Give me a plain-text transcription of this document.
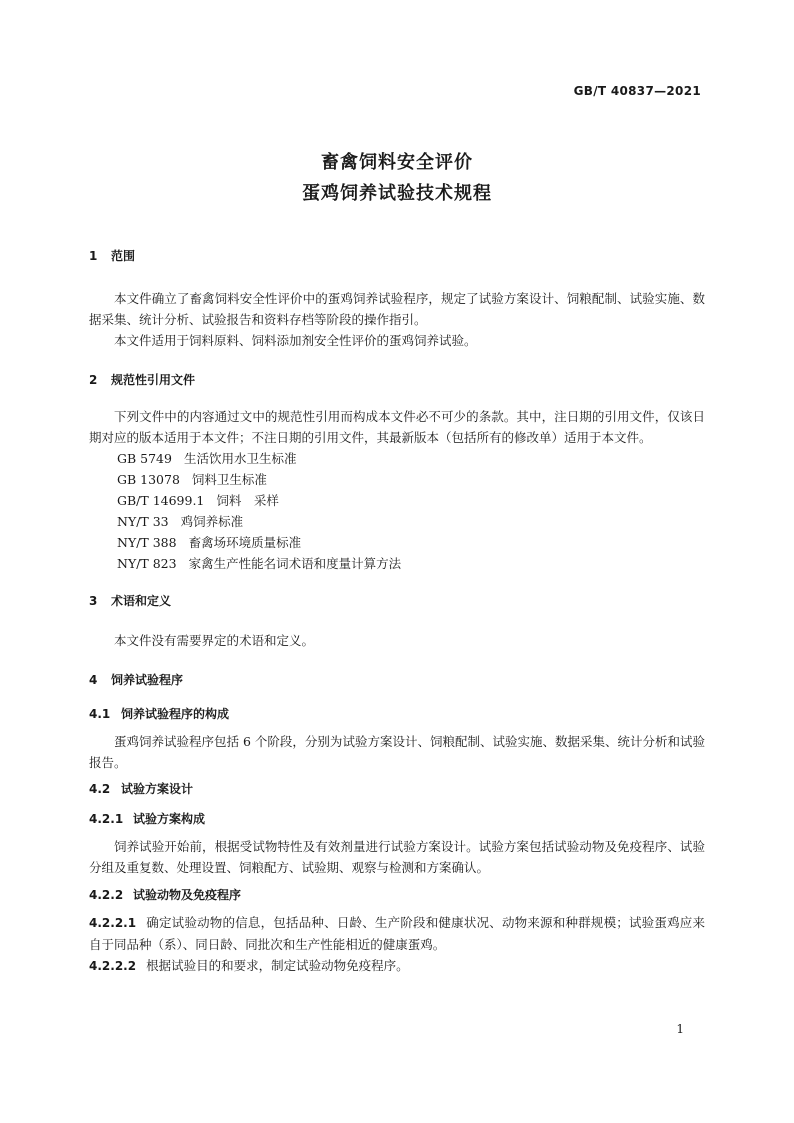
GB/T 40837—2021
畜禽饲料安全评价
蛋鸡饲养试验技术规程

1 范围

本文件确立了畜禽饲料安全性评价中的蛋鸡饲养试验程序，规定了试验方案设计、饲粮配制、试验实施、数据采集、统计分析、试验报告和资料存档等阶段的操作指引。

本文件适用于饲料原料、饲料添加剂安全性评价的蛋鸡饲养试验。

2 规范性引用文件

下列文件中的内容通过文中的规范性引用而构成本文件必不可少的条款。其中，注日期的引用文件，仅该日期对应的版本适用于本文件；不注日期的引用文件，其最新版本（包括所有的修改单）适用于本文件。

GB 5749 生活饮用水卫生标准

GB 13078 饲料卫生标准

GB/T 14699.1 饲料　采样

NY/T 33 鸡饲养标准

NY/T 388 畜禽场环境质量标准

NY/T 823 家禽生产性能名词术语和度量计算方法

3 术语和定义

本文件没有需要界定的术语和定义。

4 饲养试验程序

4.1 饲养试验程序的构成

蛋鸡饲养试验程序包括 6 个阶段，分别为试验方案设计、饲粮配制、试验实施、数据采集、统计分析和试验报告。

4.2 试验方案设计

4.2.1 试验方案构成

饲养试验开始前，根据受试物特性及有效剂量进行试验方案设计。试验方案包括试验动物及免疫程序、试验分组及重复数、处理设置、饲粮配方、试验期、观察与检测和方案确认。

4.2.2 试验动物及免疫程序

4.2.2.1 确定试验动物的信息，包括品种、日龄、生产阶段和健康状况、动物来源和种群规模；试验蛋鸡应来自于同品种（系）、同日龄、同批次和生产性能相近的健康蛋鸡。

4.2.2.2 根据试验目的和要求，制定试验动物免疫程序。

1
